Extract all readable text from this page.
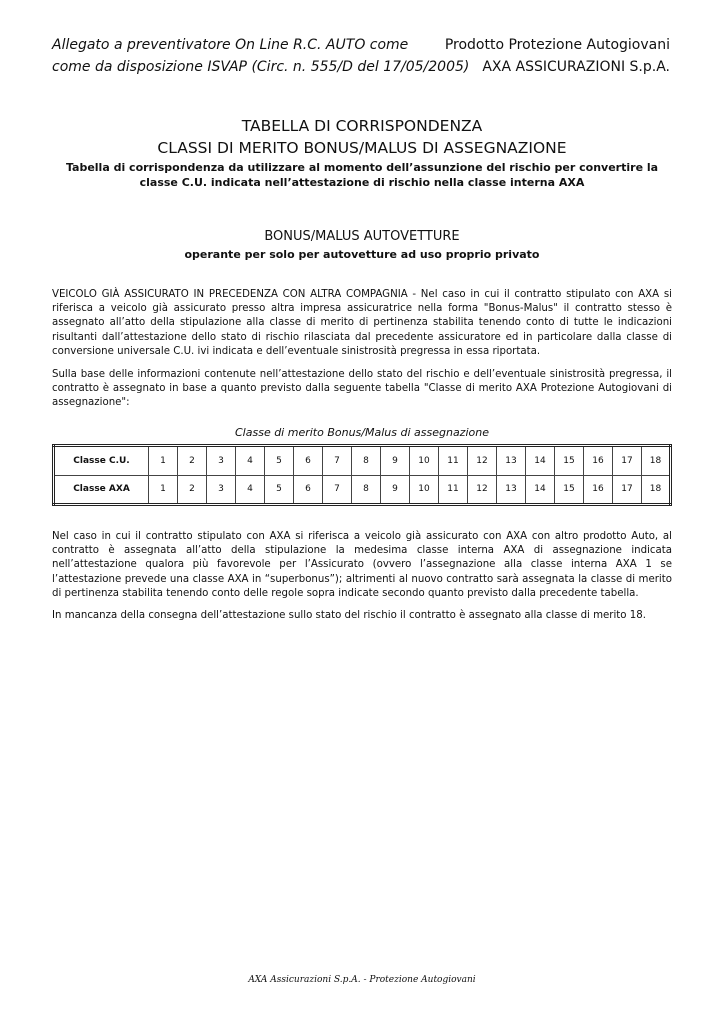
Allegato a preventivatore On Line R.C. AUTO come	Prodotto Protezione Autogiovani
come da disposizione ISVAP (Circ. n. 555/D del 17/05/2005) AXA ASSICURAZIONI S.p.A.
TABELLA DI CORRISPONDENZA
CLASSI DI MERITO BONUS/MALUS DI ASSEGNAZIONE
Tabella di corrispondenza da utilizzare al momento dell’assunzione del rischio per convertire la classe C.U. indicata nell’attestazione di rischio nella classe interna AXA
BONUS/MALUS AUTOVETTURE
operante per solo per autovetture ad uso proprio privato
VEICOLO GIÀ ASSICURATO IN PRECEDENZA CON ALTRA COMPAGNIA - Nel caso in cui il contratto stipulato con AXA si riferisca a veicolo già assicurato presso altra impresa assicuratrice nella forma "Bonus-Malus" il contratto stesso è assegnato all’atto della stipulazione alla classe di merito di pertinenza stabilita tenendo conto di tutte le indicazioni risultanti dall’attestazione dello stato di rischio rilasciata dal precedente assicuratore ed in particolare dalla classe di conversione universale C.U. ivi indicata e dell’eventuale sinistrosità pregressa in essa riportata.
Sulla base delle informazioni contenute nell’attestazione dello stato del rischio e dell’eventuale sinistrosità pregressa, il contratto è assegnato in base a quanto previsto dalla seguente tabella "Classe di merito AXA Protezione Autogiovani di assegnazione":
Classe di merito Bonus/Malus di assegnazione
Classe C.U.	1	2	3	4	5	6	7	8	9	10	11	12	13	14	15	16	17	18
Classe AXA	1	2	3	4	5	6	7	8	9	10	11	12	13	14	15	16	17	18
Nel caso in cui il contratto stipulato con AXA si riferisca a veicolo già assicurato con AXA con altro prodotto Auto, al contratto è assegnata all’atto della stipulazione la medesima classe interna AXA di assegnazione indicata nell’attestazione qualora più favorevole per l’Assicurato (ovvero l’assegnazione alla classe interna AXA 1 se l’attestazione prevede una classe AXA in “superbonus”); altrimenti al nuovo contratto sarà assegnata la classe di merito di pertinenza stabilita tenendo conto delle regole sopra indicate secondo quanto previsto dalla precedente tabella.
In mancanza della consegna dell’attestazione sullo stato del rischio il contratto è assegnato alla classe di merito 18.
AXA Assicurazioni S.p.A. - Protezione Autogiovani
